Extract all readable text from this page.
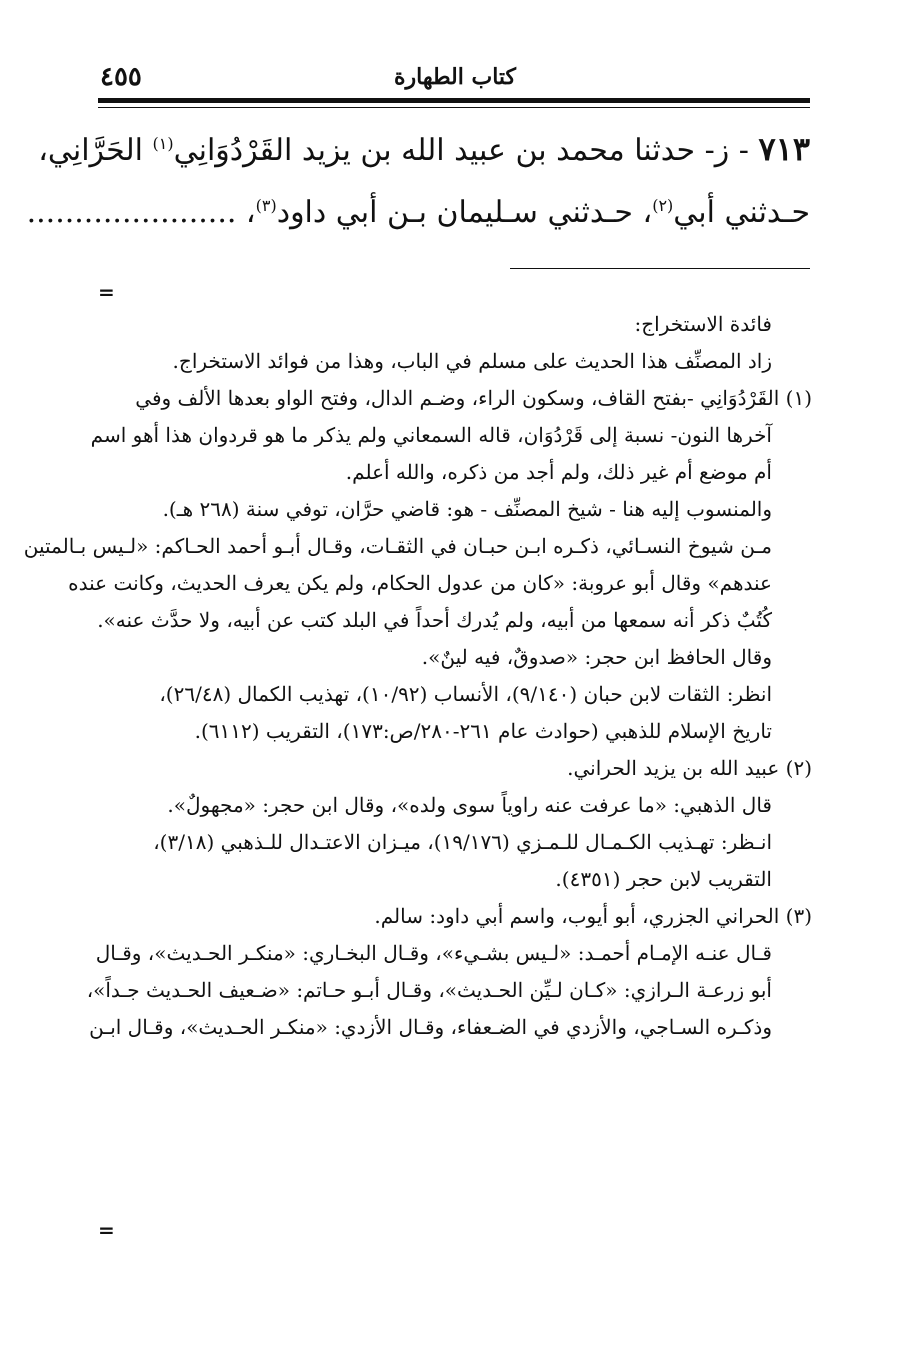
٤٥٥	كتاب الطهارة
٧١٣ - ز- حدثنا محمد بن عبيد الله بن يزيد القَرْدُوَانِي$^{(١)}$ الحَرَّانِي،
حـدثني أبي$^{(٢)}$، حـدثني سـليمان بـن أبي داود$^{(٣)}$، ......................
=
فائدة الاستخراج:
زاد المصنِّف هذا الحديث على مسلم في الباب، وهذا من فوائد الاستخراج.
(١) القَرْدُوَانِي -بفتح القاف، وسكون الراء، وضـم الدال، وفتح الواو بعدها الألف وفي
آخرها النون- نسبة إلى قَرْدُوَان، قاله السمعاني ولم يذكر ما هو قردوان هذا أهو اسم
أم موضع أم غير ذلك، ولم أجد من ذكره، والله أعلم.
والمنسوب إليه هنا - شيخ المصنِّف - هو: قاضي حرَّان، توفي سنة (٢٦٨ هـ).
مـن شيوخ النسـائي، ذكـره ابـن حبـان في الثقـات، وقـال أبـو أحمد الحـاكم: «لـيس بـالمتين
عندهم» وقال أبو عروبة: «كان من عدول الحكام، ولم يكن يعرف الحديث، وكانت عنده
كُتُبٌ ذكر أنه سمعها من أبيه، ولم يُدرك أحداً في البلد كتب عن أبيه، ولا حدَّث عنه».
وقال الحافظ ابن حجر: «صدوقٌ، فيه لينٌ».
انظر: الثقات لابن حبان (٩/١٤٠)، الأنساب (١٠/٩٢)، تهذيب الكمال (٢٦/٤٨)،
تاريخ الإسلام للذهبي (حوادث عام ٢٦١-٢٨٠/ص:١٧٣)، التقريب (٦١١٢).
(٢) عبيد الله بن يزيد الحراني.
قال الذهبي: «ما عرفت عنه راوياً سوى ولده»، وقال ابن حجر: «مجهولٌ».
انـظر: تهـذيب الكـمـال للـمـزي (١٩/١٧٦)، ميـزان الاعتـدال للـذهبي (٣/١٨)،
التقريب لابن حجر (٤٣٥١).
(٣) الحراني الجزري، أبو أيوب، واسم أبي داود: سالم.
قـال عنـه الإمـام أحمـد: «لـيس بشـيء»، وقـال البخـاري: «منكـر الحـديث»، وقـال
أبو زرعـة الـرازي: «كـان لـيِّن الحـديث»، وقـال أبـو حـاتم: «ضـعيف الحـديث جـداً»،
وذكـره السـاجي، والأزدي في الضـعفاء، وقـال الأزدي: «منكـر الحـديث»، وقـال ابـن
=
